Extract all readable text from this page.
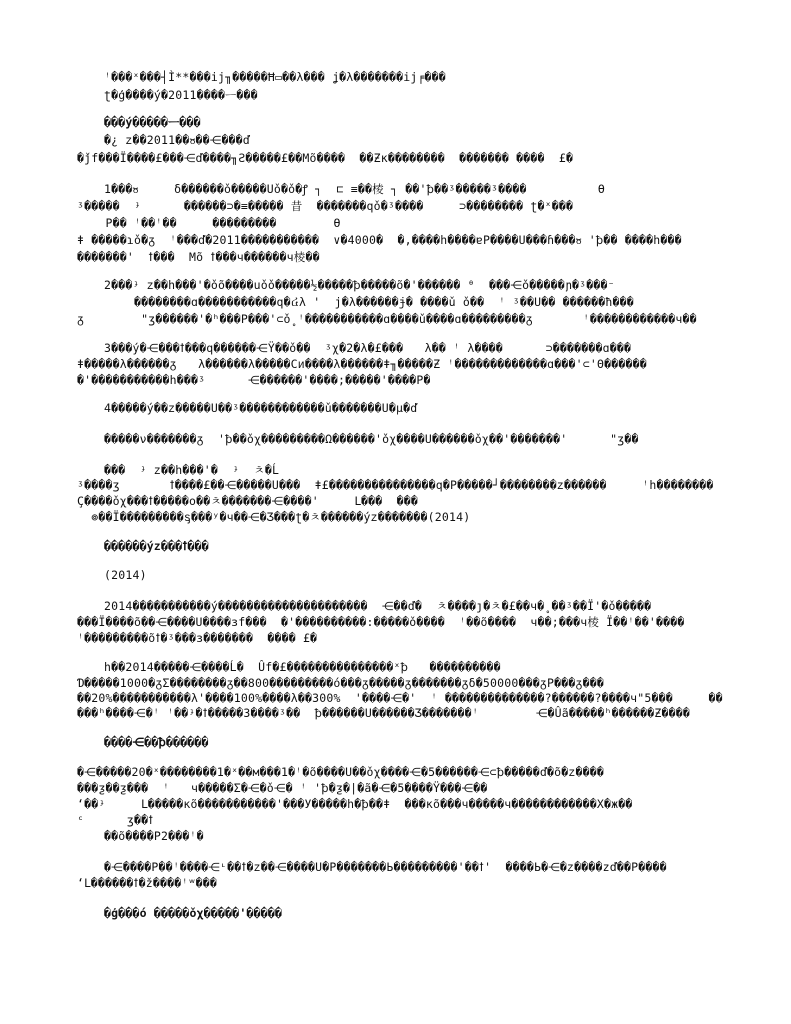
ꜝ���ˣ���┤Ì**���ij╖�����Ħ▭��λ��� ʝ�λ�������ij╒���
ʈ�ģ����ý�2011����ᅳ���
���ý�����ᅳ���
�¿ ᴢ��2011��ჾ��⋲���ď
�ǰf���Ï����£���⋲ď����╖Ƨ�����£��Μõ����  ��Ƶκ��������  ������� ����  £�
1���ჾ     δ������ǒ�����Uǒ�ǒ�ꝭ ┐  ⊏ ≡��棱 ┐ ��ꞌꝥ��ᶾ�����ᶾ����          ϴ
ᶾ�����  ᶡ      ������⊃�≡����� 昔  �������qǒ�ᶾ����     ⊃�������� ʈ�ˣ���
Ρ�� ꜝ��ꜝ��     ���������        ϴ
ǂ �����ɿǒ�ᵹ  ꜝ���ď�2011�����������  ∨�4000�  �,����h����ɐΡ����Ս���ɦ���ჾ ꞌꝥ�� ����h���
�������ꞌ  ꝉ���  Μõ ꝉ���ч������ч棱��
2���ᶡ ᴢ��h���ꞌ�ǒõ����uǒǒ�����½�����ꝥ�����õ�ꞌ������ ᶿ  ���⋲ǒ�����ɲ�ᶾ���⁻
��������ɑ�����������q�៤λ ꞌ  ϳ�λ������ɉ� ����ǔ ǒ��  ꜝ ᶾ��Ս�� ������ħ���
ᵹ        "ʒ������ꞌ�ʰ���Ρ���ꞌ⊂ǒ˳ꜝ�����������ɑ����ǔ����ɑ���������ᵹ       ꜝ������������ч��
3���ý�⋲���ꝉ���q������⋲Ÿ��ǒ��  ᶾχ�2�λ�£���   λ�� ꜝ λ����      ⊃�������ɑ���
ǂ�����λ������ᵹ   λ������λ�����Cᴎ����λ������ǂ╖�����Ƶ ꜝ�������������ɑ���ꞌ⊂ꞌΘ������
�ꞌ�����������h���ᶾ      ⋲������ꞌ����;�����ꞌ����Ρ�
4�����ý��ᴢ�����Ս��ᶾ������������ǔ�������Ս�µ�ď
�����ν�������ᵹ  ꞌꝥ��ǒχ���������Ω������ꞌǒχ����Ս������ǒχ��ꞌ�������ꞌ      "ʒ��
���  ᶡ ᴢ��h���ꞌ�  ᶡ  ㅊ�Ĺ
ᶾ����ʒ       ꝉ����£��⋲�����Ս���  ǂ£���������������q�Ρ�����┘��������ᴢ������     ꜝh��������
Ç����ǒχ���ꝉ�����o��ㅊ�������⋲����ꞌ     Ⅼ���  ���
⊚��Ï���������ᶊ���ʸ�ч��⋲�Ʒ���ʈ�ㅊ������ýᴢ�������(2014)
������ýᴢ���ꝉ���
(2014)
2014�����������ý���������������������  ⋲��ď�  ㅊ����ȷ�ㅊ�£��ч�˳��ᶾ��Ïꞌ�ǒ�����
���Ï����õ��⋲����Ս����ɜf���  �'����������:�����ǒ����  ꜝ��õ����  ч��;���ч棱 Ï��ꜝ��ꞌ����
ꜝ���������õꝉ�ᶾ���ɜ�������  ���� £�
h��2014�����⋲����Ĺ�  Ûf�£���������������ˣꝥ   ����������
Ɗ�����1000�ᵹƩ��������ᵹ��800���������ó���ᵹ�����ᵹ�������ᵹδ�50000���ᵹΡ���ᵹ���
��20%�����������λ'����100%����λ��300%  ꞌ����⋲�ꞌ  ꜝ ��������������?������?����ч"5���     ��
���ʰ����⋲�ꜝ ꜝ��ᶡ�ꝉ�����3����ᶾ��  ꝥ������Ս������Ʒ�������ꜝ        ⋲�Ûã�����ʰ������Ƶ����
����⋲��ꝥ������
�⋲�����20�ˣ��������1�ˣ��м���1�ꜝ�õ����Ս��ǒχ����⋲�5������⋲⊂ꝥ�����ď�õ�ᴢ����
���ƺ��ƺ���  ꜝ   ч�����Σ�⋲�ǒ⋲� ꜝ ꞌꝥ�ƺ�|�ã�⋲�5����Ÿ���⋲��
‘��ᶡ     Ⅼ�����κõ�����������ꞌ���У�����h�ꝥ��ǂ  ���κõ���ч�����ч������������Χ�ж��
ᶜ      ʒ��ꝉ
��õ����Ρ2���ꜝ�
�⋲����Ρ��ꜝ����⋲ᶫ��ꝉ�ᴢ��⋲����Ս�Ρ�������Ь���������ꞌ��ꝉꞌ  ����Ь�⋲�ᴢ����zď��Ρ����
‘Ⅼ������ꝉ�ž����ꜝʷ���
�ģ���ó �����ǒχ�����ꞌ�����
